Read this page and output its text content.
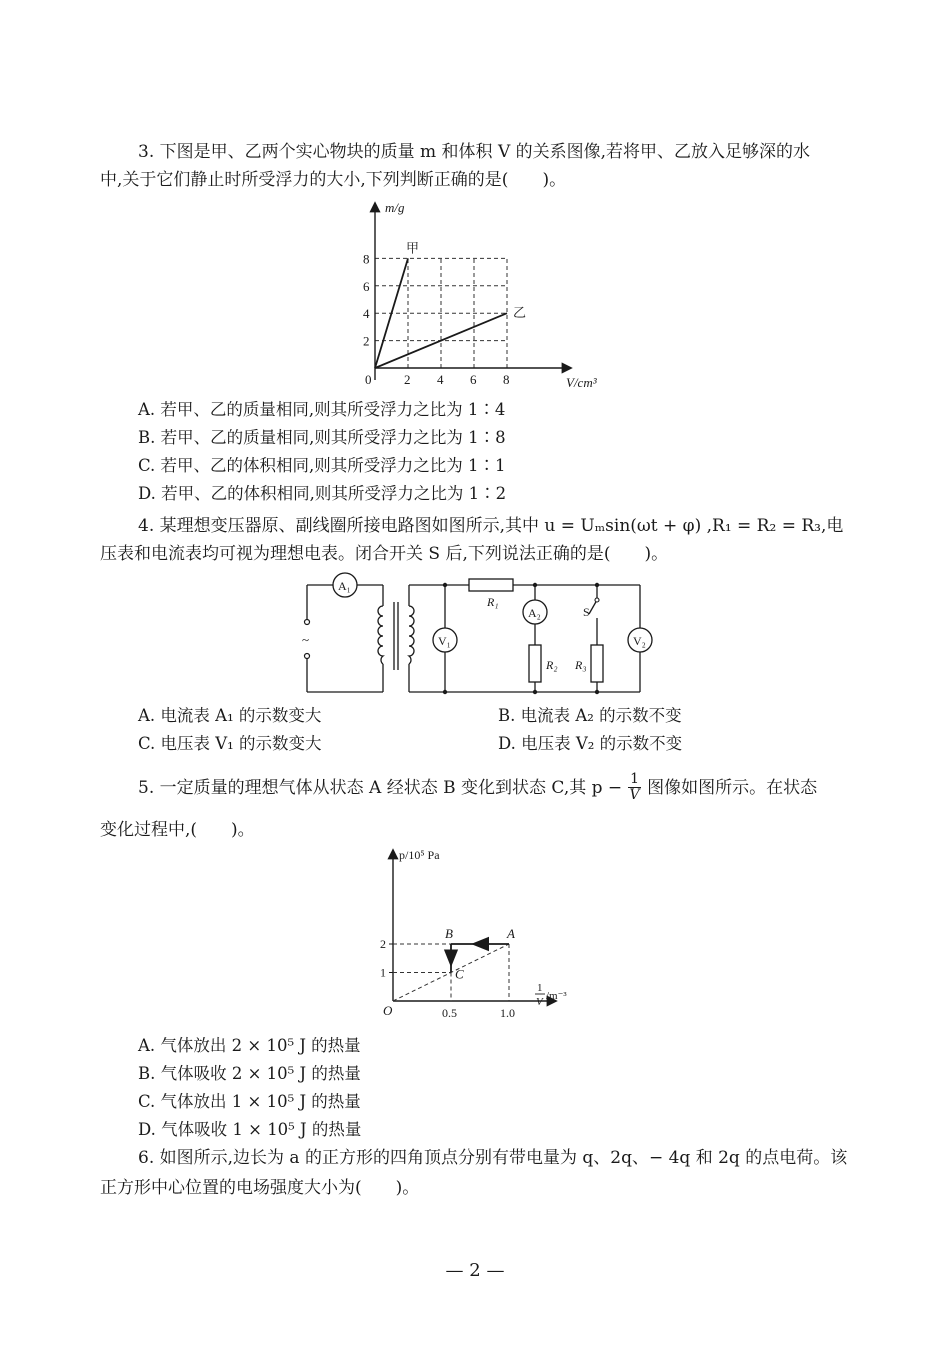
3. 下图是甲、乙两个实心物块的质量 m 和体积 V 的关系图像,若将甲、乙放入足够深的水
中,关于它们静止时所受浮力的大小,下列判断正确的是(　　)。
2 4 6 8
2
4
6
8
甲
乙
m/g
V/cm³
0
A. 若甲、乙的质量相同,则其所受浮力之比为 1∶4
B. 若甲、乙的质量相同,则其所受浮力之比为 1∶8
C. 若甲、乙的体积相同,则其所受浮力之比为 1∶1
D. 若甲、乙的体积相同,则其所受浮力之比为 1∶2
4. 某理想变压器原、副线圈所接电路图如图所示,其中 u = Uₘsin(ωt + φ) ,R₁ = R₂ = R₃,电
压表和电流表均可视为理想电表。闭合开关 S 后,下列说法正确的是(　　)。
A₁
V₁
A₂
V₂
R₁
R₂ R₃
S
~
A. 电流表 A₁ 的示数变大	B. 电流表 A₂ 的示数不变
C. 电压表 V₁ 的示数变大	D. 电压表 V₂ 的示数不变
5. 一定质量的理想气体从状态 A 经状态 B 变化到状态 C,其 $p - \frac{1}{V}$ 图像如图所示。在状态
变化过程中,(　　)。
A
B
C
0.5	1.0
1
2
p/10⁵ Pa
O
1
V /m⁻³
A. 气体放出 2 × 10⁵ J 的热量
B. 气体吸收 2 × 10⁵ J 的热量
C. 气体放出 1 × 10⁵ J 的热量
D. 气体吸收 1 × 10⁵ J 的热量
6. 如图所示,边长为 a 的正方形的四角顶点分别有带电量为 q、2q、− 4q 和 2q 的点电荷。该
正方形中心位置的电场强度大小为(　　)。
— 2 —
